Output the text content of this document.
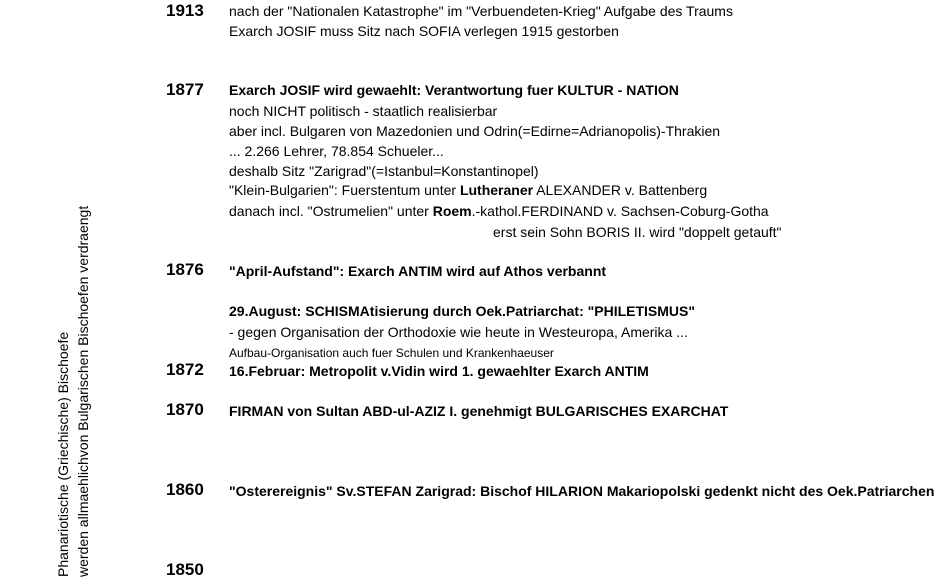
Phanariotische (Griechische) Bischoefe werden allmaehlichvon Bulgarischen Bischoefen verdraengt
1913 nach der "Nationalen Katastrophe" im "Verbuendeten-Krieg" Aufgabe des Traums
Exarch JOSIF muss Sitz nach SOFIA verlegen 1915 gestorben
1877 Exarch JOSIF wird gewaehlt: Verantwortung fuer KULTUR - NATION
noch NICHT politisch - staatlich realisierbar
aber incl. Bulgaren von Mazedonien und Odrin(=Edirne=Adrianopolis)-Thrakien
... 2.266 Lehrer, 78.854 Schueler...
deshalb Sitz "Zarigrad"(=Istanbul=Konstantinopel)
"Klein-Bulgarien": Fuerstentum unter Lutheraner ALEXANDER v. Battenberg
danach incl. "Ostrumelien" unter Roem.-kathol.FERDINAND v. Sachsen-Coburg-Gotha
erst sein Sohn BORIS II. wird "doppelt getauft"
1876 "April-Aufstand": Exarch ANTIM wird auf Athos verbannt
29.August: SCHISMAtisierung durch Oek.Patriarchat: "PHILETISMUS"
- gegen Organisation der Orthodoxie wie heute in Westeuropa, Amerika ...
Aufbau-Organisation auch fuer Schulen und Krankenhaeuser
1872 16.Februar: Metropolit v.Vidin wird 1. gewaehlter Exarch ANTIM
1870 FIRMAN von Sultan ABD-ul-AZIZ I. genehmigt BULGARISCHES EXARCHAT
1860 "Osterereignis" Sv.STEFAN Zarigrad: Bischof HILARION Makariopolski gedenkt nicht des Oek.Patriarchen
1850
